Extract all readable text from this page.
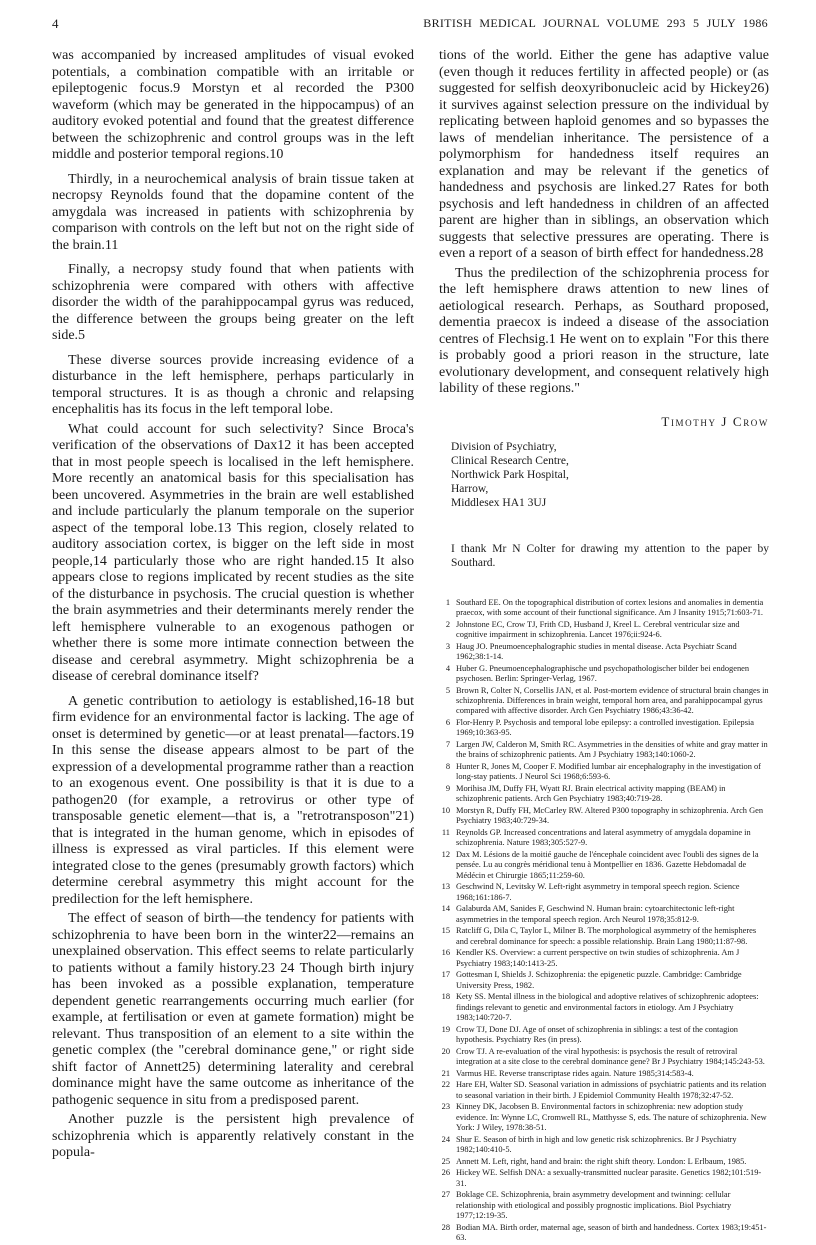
4	BRITISH MEDICAL JOURNAL VOLUME 293 5 JULY 1986

was accompanied by increased amplitudes of visual evoked potentials, a combination compatible with an irritable or epileptogenic focus.9 Morstyn et al recorded the P300 waveform (which may be generated in the hippocampus) of an auditory evoked potential and found that the greatest difference between the schizophrenic and control groups was in the left middle and posterior temporal regions.10

Thirdly, in a neurochemical analysis of brain tissue taken at necropsy Reynolds found that the dopamine content of the amygdala was increased in patients with schizophrenia by comparison with controls on the left but not on the right side of the brain.11

Finally, a necropsy study found that when patients with schizophrenia were compared with others with affective disorder the width of the parahippocampal gyrus was reduced, the difference between the groups being greater on the left side.5

These diverse sources provide increasing evidence of a disturbance in the left hemisphere, perhaps particularly in temporal structures. It is as though a chronic and relapsing encephalitis has its focus in the left temporal lobe.

What could account for such selectivity? Since Broca's verification of the observations of Dax12 it has been accepted that in most people speech is localised in the left hemisphere. More recently an anatomical basis for this specialisation has been uncovered. Asymmetries in the brain are well established and include particularly the planum temporale on the superior aspect of the temporal lobe.13 This region, closely related to auditory association cortex, is bigger on the left side in most people,14 particularly those who are right handed.15 It also appears close to regions implicated by recent studies as the site of the disturbance in psychosis. The crucial question is whether the brain asymmetries and their determinants merely render the left hemisphere vulnerable to an exogenous pathogen or whether there is some more intimate connection between the disease and cerebral asymmetry. Might schizophrenia be a disease of cerebral dominance itself?

A genetic contribution to aetiology is established,16-18 but firm evidence for an environmental factor is lacking. The age of onset is determined by genetic—or at least prenatal—factors.19 In this sense the disease appears almost to be part of the expression of a developmental programme rather than a reaction to an exogenous event. One possibility is that it is due to a pathogen20 (for example, a retrovirus or other type of transposable genetic element—that is, a "retrotransposon"21) that is integrated in the human genome, which in episodes of illness is expressed as viral particles. If this element were integrated close to the genes (presumably growth factors) which determine cerebral asymmetry this might account for the predilection for the left hemisphere.

The effect of season of birth—the tendency for patients with schizophrenia to have been born in the winter22—remains an unexplained observation. This effect seems to relate particularly to patients without a family history.23 24 Though birth injury has been invoked as a possible explanation, temperature dependent genetic rearrangements occurring much earlier (for example, at fertilisation or even at gamete formation) might be relevant. Thus transposition of an element to a site within the genetic complex (the "cerebral dominance gene," or right side shift factor of Annett25) determining laterality and cerebral dominance might have the same outcome as inheritance of the pathogenic sequence in situ from a predisposed parent.

Another puzzle is the persistent high prevalence of schizophrenia which is apparently relatively constant in the popula-

tions of the world. Either the gene has adaptive value (even though it reduces fertility in affected people) or (as suggested for selfish deoxyribonucleic acid by Hickey26) it survives against selection pressure on the individual by replicating between haploid genomes and so bypasses the laws of mendelian inheritance. The persistence of a polymorphism for handedness itself requires an explanation and may be relevant if the genetics of handedness and psychosis are linked.27 Rates for both psychosis and left handedness in children of an affected parent are higher than in siblings, an observation which suggests that selective pressures are operating. There is even a report of a season of birth effect for handedness.28

Thus the predilection of the schizophrenia process for the left hemisphere draws attention to new lines of aetiological research. Perhaps, as Southard proposed, dementia praecox is indeed a disease of the association centres of Flechsig.1 He went on to explain "For this there is probably good a priori reason in the structure, late evolutionary development, and consequent relatively high lability of these regions."

Timothy J Crow
Division of Psychiatry,
Clinical Research Centre,
Northwick Park Hospital,
Harrow,
Middlesex HA1 3UJ
I thank Mr N Colter for drawing my attention to the paper by Southard.
1 Southard EE. On the topographical distribution of cortex lesions and anomalies in dementia praecox, with some account of their functional significance. Am J Insanity 1915;71:603-71.
2 Johnstone EC, Crow TJ, Frith CD, Husband J, Kreel L. Cerebral ventricular size and cognitive impairment in schizophrenia. Lancet 1976;ii:924-6.
3 Haug JO. Pneumoencephalographic studies in mental disease. Acta Psychiatr Scand 1962;38:1-14.
4 Huber G. Pneumoencephalographische und psychopathologischer bilder bei endogenen psychosen. Berlin: Springer-Verlag, 1967.
5 Brown R, Colter N, Corsellis JAN, et al. Post-mortem evidence of structural brain changes in schizophrenia. Differences in brain weight, temporal horn area, and parahippocampal gyrus compared with affective disorder. Arch Gen Psychiatry 1986;43:36-42.
6 Flor-Henry P. Psychosis and temporal lobe epilepsy: a controlled investigation. Epilepsia 1969;10:363-95.
7 Largen JW, Calderon M, Smith RC. Asymmetries in the densities of white and gray matter in the brains of schizophrenic patients. Am J Psychiatry 1983;140:1060-2.
8 Hunter R, Jones M, Cooper F. Modified lumbar air encephalography in the investigation of long-stay patients. J Neurol Sci 1968;6:593-6.
9 Morihisa JM, Duffy FH, Wyatt RJ. Brain electrical activity mapping (BEAM) in schizophrenic patients. Arch Gen Psychiatry 1983;40:719-28.
10 Morstyn R, Duffy FH, McCarley RW. Altered P300 topography in schizophrenia. Arch Gen Psychiatry 1983;40:729-34.
11 Reynolds GP. Increased concentrations and lateral asymmetry of amygdala dopamine in schizophrenia. Nature 1983;305:527-9.
12 Dax M. Lésions de la moitié gauche de l'éncephale coincident avec l'oubli des signes de la pensée. Lu au congrès méridional tenu à Montpellier en 1836. Gazette Hebdomadal de Médécin et Chirurgie 1865;11:259-60.
13 Geschwind N, Levitsky W. Left-right asymmetry in temporal speech region. Science 1968;161:186-7.
14 Galaburda AM, Sanides F, Geschwind N. Human brain: cytoarchitectonic left-right asymmetries in the temporal speech region. Arch Neurol 1978;35:812-9.
15 Ratcliff G, Dila C, Taylor L, Milner B. The morphological asymmetry of the hemispheres and cerebral dominance for speech: a possible relationship. Brain Lang 1980;11:87-98.
16 Kendler KS. Overview: a current perspective on twin studies of schizophrenia. Am J Psychiatry 1983;140:1413-25.
17 Gottesman I, Shields J. Schizophrenia: the epigenetic puzzle. Cambridge: Cambridge University Press, 1982.
18 Kety SS. Mental illness in the biological and adoptive relatives of schizophrenic adoptees: findings relevant to genetic and environmental factors in etiology. Am J Psychiatry 1983;140:720-7.
19 Crow TJ, Done DJ. Age of onset of schizophrenia in siblings: a test of the contagion hypothesis. Psychiatry Res (in press).
20 Crow TJ. A re-evaluation of the viral hypothesis: is psychosis the result of retroviral integration at a site close to the cerebral dominance gene? Br J Psychiatry 1984;145:243-53.
21 Varmus HE. Reverse transcriptase rides again. Nature 1985;314:583-4.
22 Hare EH, Walter SD. Seasonal variation in admissions of psychiatric patients and its relation to seasonal variation in their birth. J Epidemiol Community Health 1978;32:47-52.
23 Kinney DK, Jacobsen B. Environmental factors in schizophrenia: new adoption study evidence. In: Wynne LC, Cromwell RL, Matthysse S, eds. The nature of schizophrenia. New York: J Wiley, 1978:38-51.
24 Shur E. Season of birth in high and low genetic risk schizophrenics. Br J Psychiatry 1982;140:410-5.
25 Annett M. Left, right, hand and brain: the right shift theory. London: L Erlbaum, 1985.
26 Hickey WE. Selfish DNA: a sexually-transmitted nuclear parasite. Genetics 1982;101:519-31.
27 Boklage CE. Schizophrenia, brain asymmetry development and twinning: cellular relationship with etiological and possibly prognostic implications. Biol Psychiatry 1977;12:19-35.
28 Bodian MA. Birth order, maternal age, season of birth and handedness. Cortex 1983;19:451-63.
